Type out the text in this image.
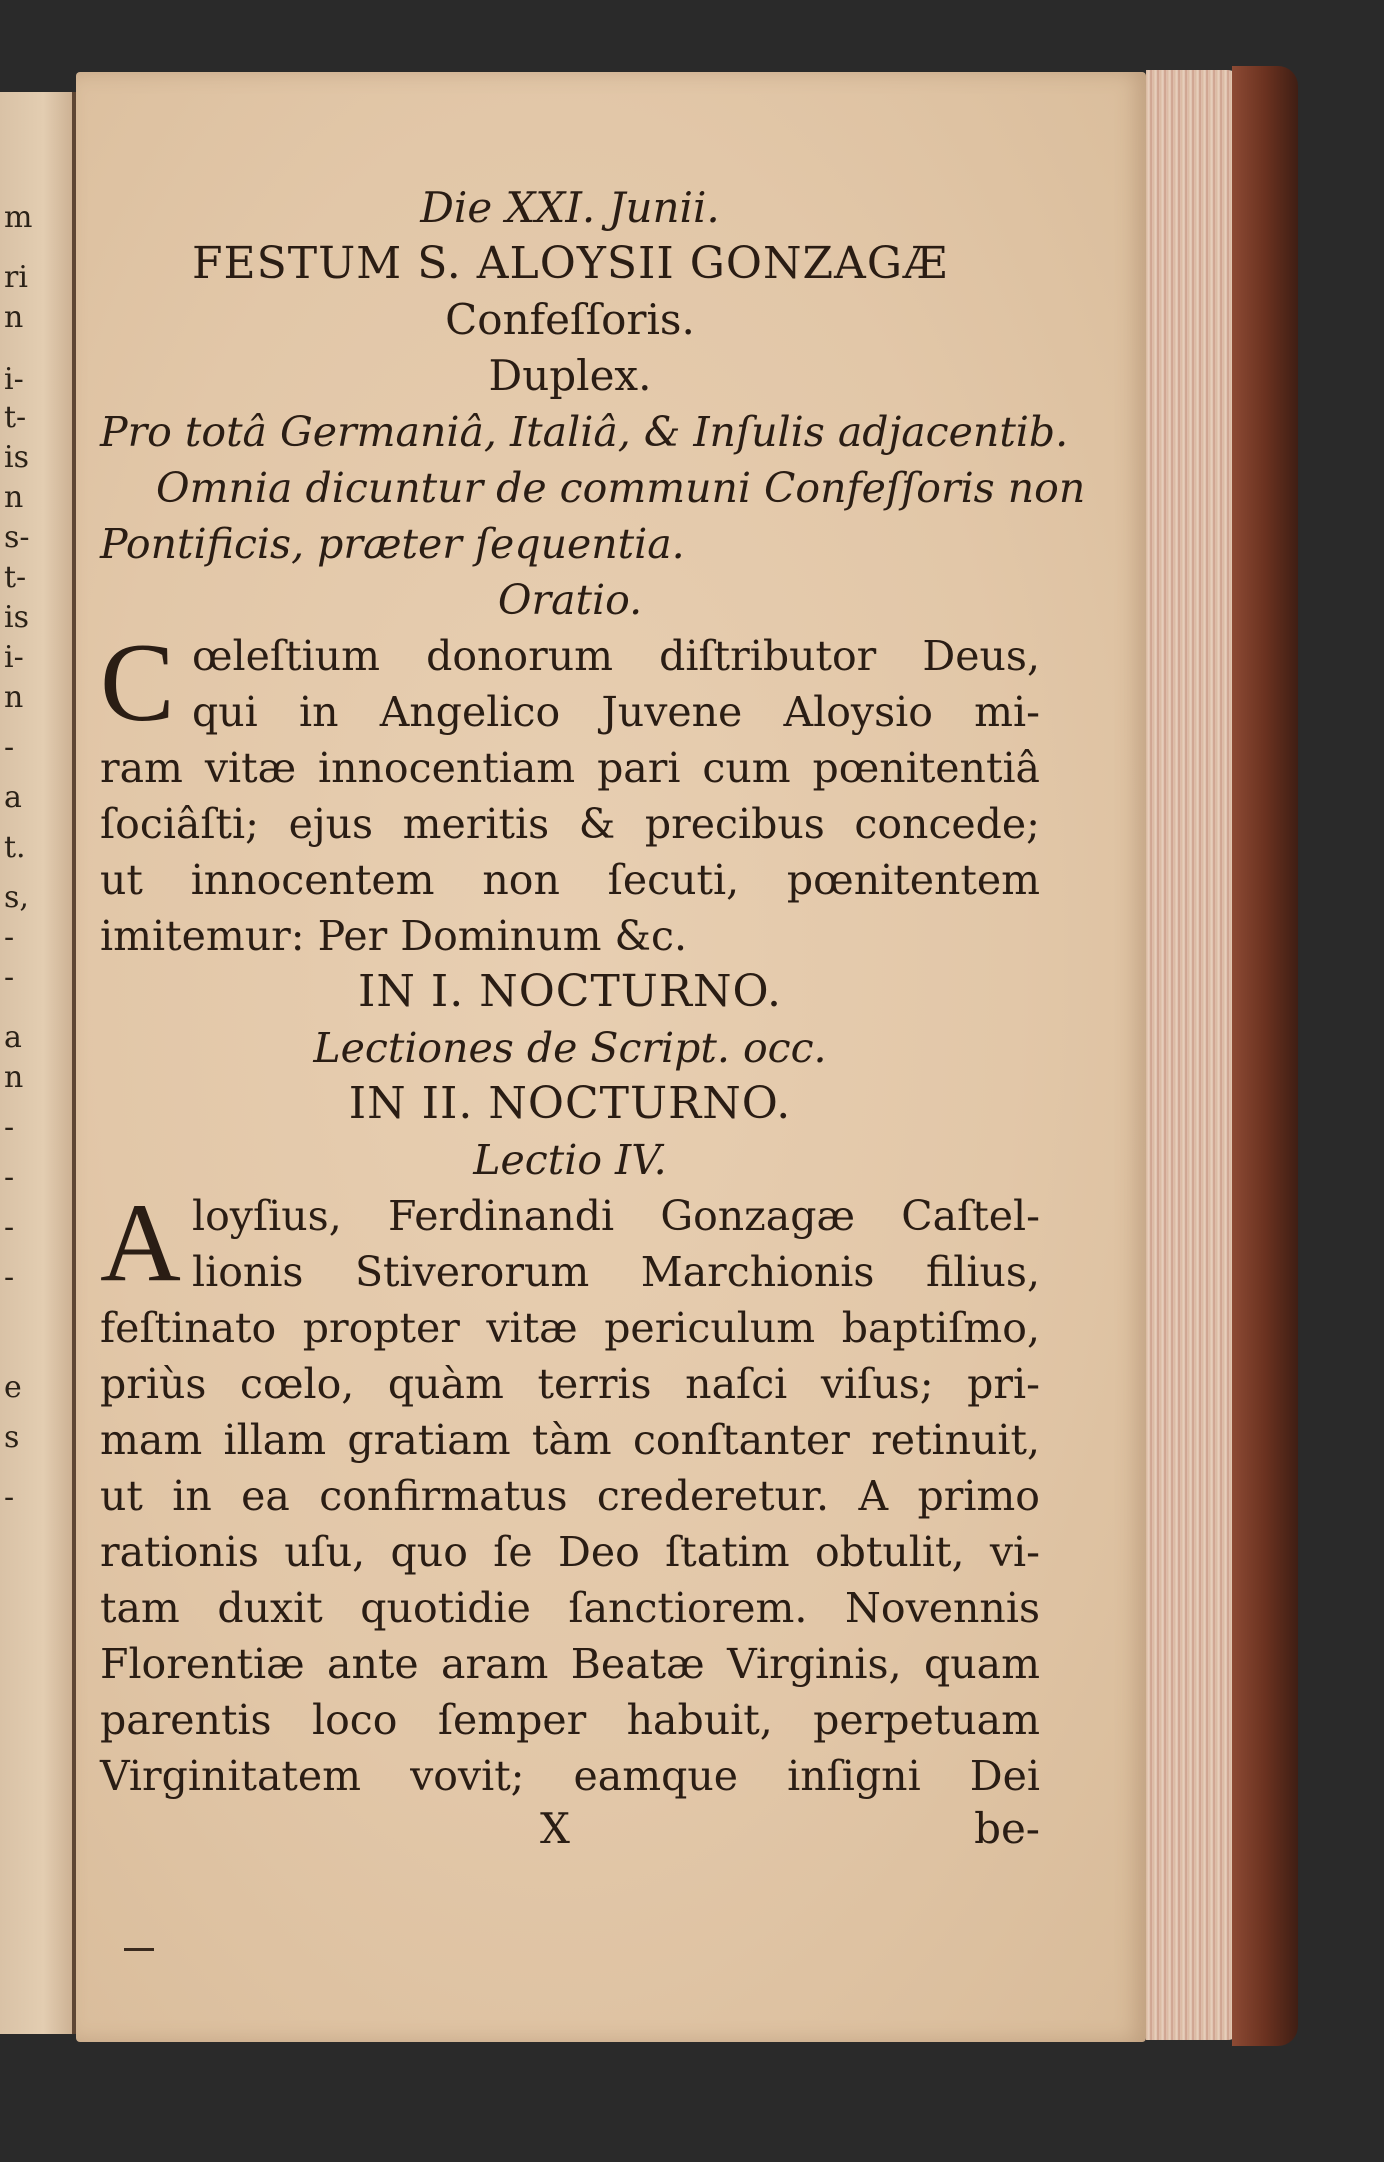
m
ri
n
i-
t-
is
n
s-
t-
is
i-
n
-
a
t.
s,
-
-
a
n
-
-
-
-
e
s
-
Die XXI. Junii.
FESTUM S. ALOYSII GONZAGÆ
Confeſſoris.
Duplex.
Pro totâ Germaniâ, Italiâ, & Inſulis adjacentib.
Omnia dicuntur de communi Confeſſoris non
Pontificis, præter ſequentia.
Oratio.
C œleſtium donorum diſtributor Deus,
qui in Angelico Juvene Aloysio mi-
ram vitæ innocentiam pari cum pœnitentiâ
ſociâſti; ejus meritis & precibus concede;
ut innocentem non ſecuti, pœnitentem
imitemur: Per Dominum &c.
IN I. NOCTURNO.
Lectiones de Script. occ.
IN II. NOCTURNO.
Lectio IV.
A loyſius, Ferdinandi Gonzagæ Caſtel-
lionis Stiverorum Marchionis filius,
feſtinato propter vitæ periculum baptiſmo,
priùs cœlo, quàm terris naſci viſus; pri-
mam illam gratiam tàm conſtanter retinuit,
ut in ea confirmatus crederetur. A primo
rationis uſu, quo ſe Deo ſtatim obtulit, vi-
tam duxit quotidie ſanctiorem. Novennis
Florentiæ ante aram Beatæ Virginis, quam
parentis loco ſemper habuit, perpetuam
Virginitatem vovit; eamque inſigni Dei
X	be-
